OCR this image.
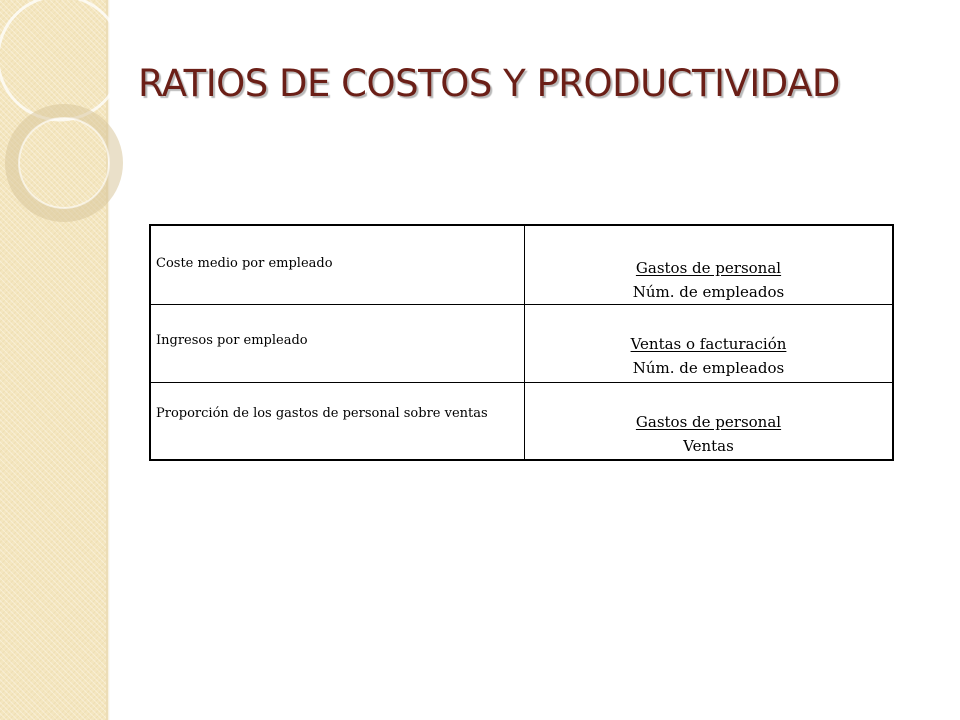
RATIOS DE COSTOS Y PRODUCTIVIDAD
Coste medio por empleado	Gastos de personal
Núm. de empleados

Ingresos por empleado	Ventas o facturación
Núm. de empleados

Proporción de los gastos de personal sobre ventas	Gastos de personal
Ventas
